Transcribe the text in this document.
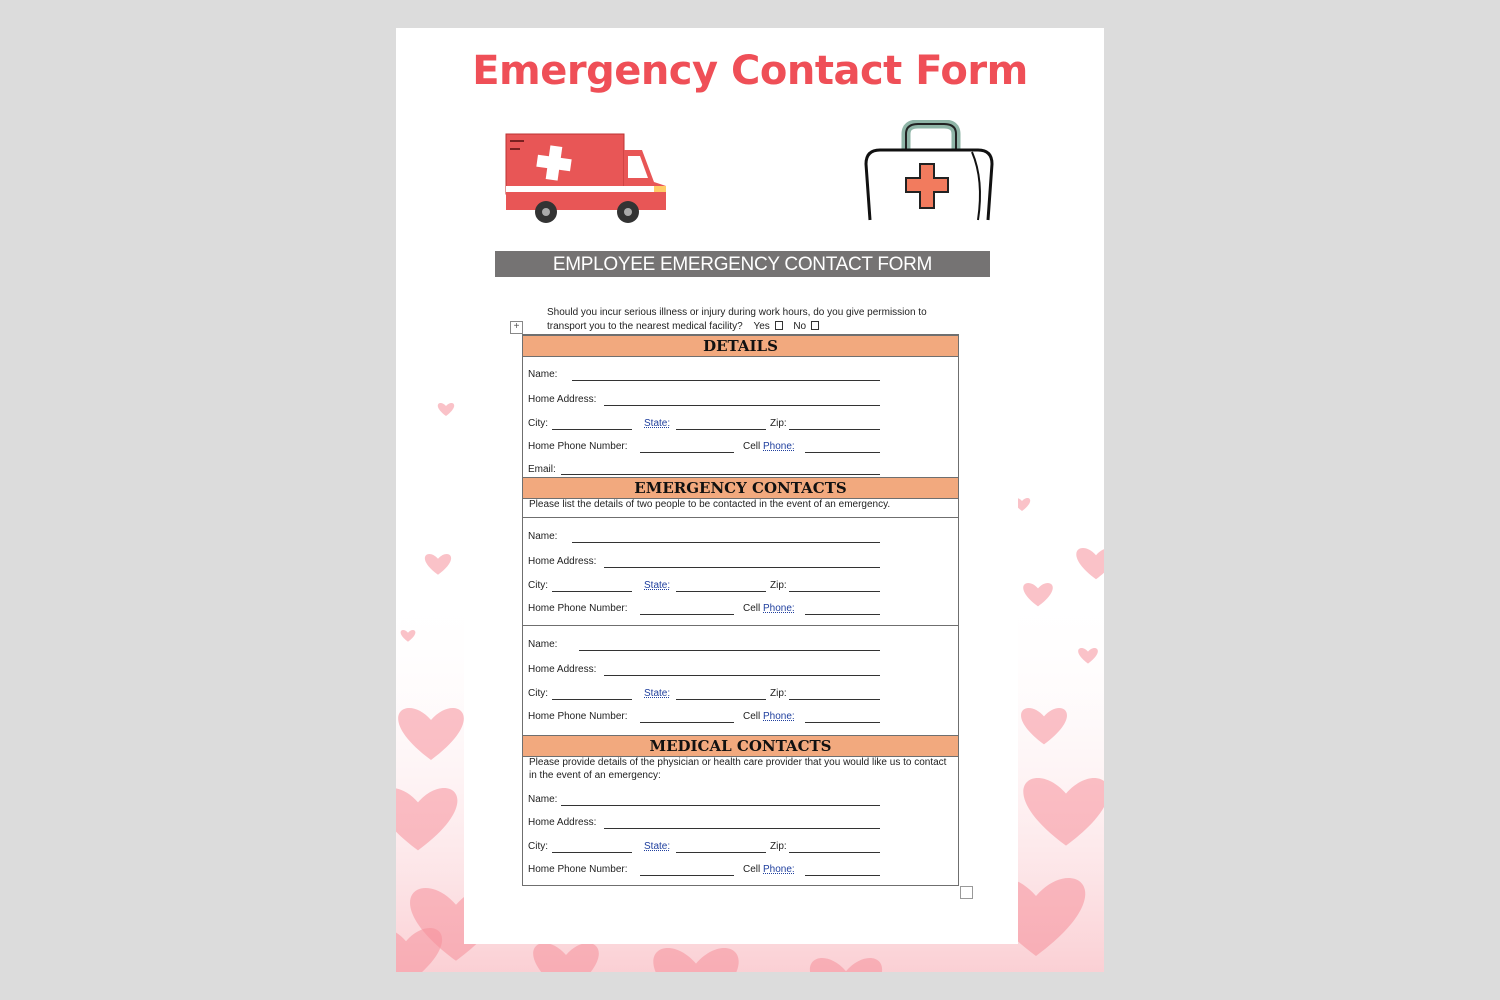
Emergency Contact Form
EMPLOYEE EMERGENCY CONTACT FORM
+
Should you incur serious illness or injury during work hours, do you give permission to transport you to the nearest medical facility? Yes No
DETAILS
Name:
Home Address:
City:	State:	Zip:
Home Phone Number:	Cell Phone:
Email:
EMERGENCY CONTACTS
Please list the details of two people to be contacted in the event of an emergency.
Name:
Home Address:
City:	State:	Zip:
Home Phone Number:	Cell Phone:
Name:
Home Address:
City:	State:	Zip:
Home Phone Number:	Cell Phone:
MEDICAL CONTACTS
Please provide details of the physician or health care provider that you would like us to contact in the event of an emergency:
Name:
Home Address:
City:	State:	Zip:
Home Phone Number:	Cell Phone:
